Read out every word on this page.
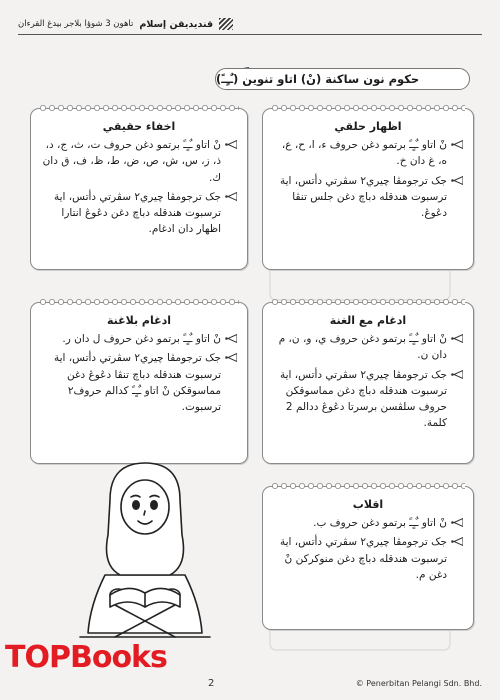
قنديديقن إسلام
تاهون 3 شوؤا بلاجر بيدغ القرءان
حكوم نون ساكنة (نْ) اتاو تنوين (ـٌـٍـً)
اظهار حلقي
نْ اتاو ـٌـٍـً برتمو دغن حروف ء، ا، ح، ع، ه، غ دان خ.
جک ترجومڤا چيري٢ سڤرتي دأتس، اية ترسبوت هندقله دباچ دغن جلس تنڤا دڠوڠ.
اخفاء حقيقي
نْ اتاو ـٌـٍـً برتمو دغن حروف ت، ث، ج، د، ذ، ز، س، ش، ص، ض، ط، ظ، ف، ق دان ك.
جک ترجومڤا چيري٢ سڤرتي دأتس، اية ترسبوت هندقله دباچ دغن دڠوڠ انتارا اظهار دان ادغام.
ادغام مع الغنة
نْ اتاو ـٌـٍـً برتمو دغن حروف ي، و، ن، م دان ن.
جک ترجومڤا چيري٢ سڤرتي دأتس، اية ترسبوت هندقله دباچ دغن مماسوقكن حروف سلڤسن برسرتا دڠوڠ ددالم 2 کلمة.
ادغام بلاغنة
نْ اتاو ـٌـٍـً برتمو دغن حروف ل دان ر.
جک ترجومڤا چيري٢ سڤرتي دأتس، اية ترسبوت هندقله دباچ تنڤا دڠوڠ دغن مماسوقكن نْ اتاو ـٌـٍـً كدالم حروف٢ ترسبوت.
اقلاب
نْ اتاو ـٌـٍـً برتمو دغن حروف ب.
جک ترجومڤا چيري٢ سڤرتي دأتس، اية ترسبوت هندقله دباچ دغن منوكركن نْ دغن م.
TOPBooks
2	© Penerbitan Pelangi Sdn. Bhd.
